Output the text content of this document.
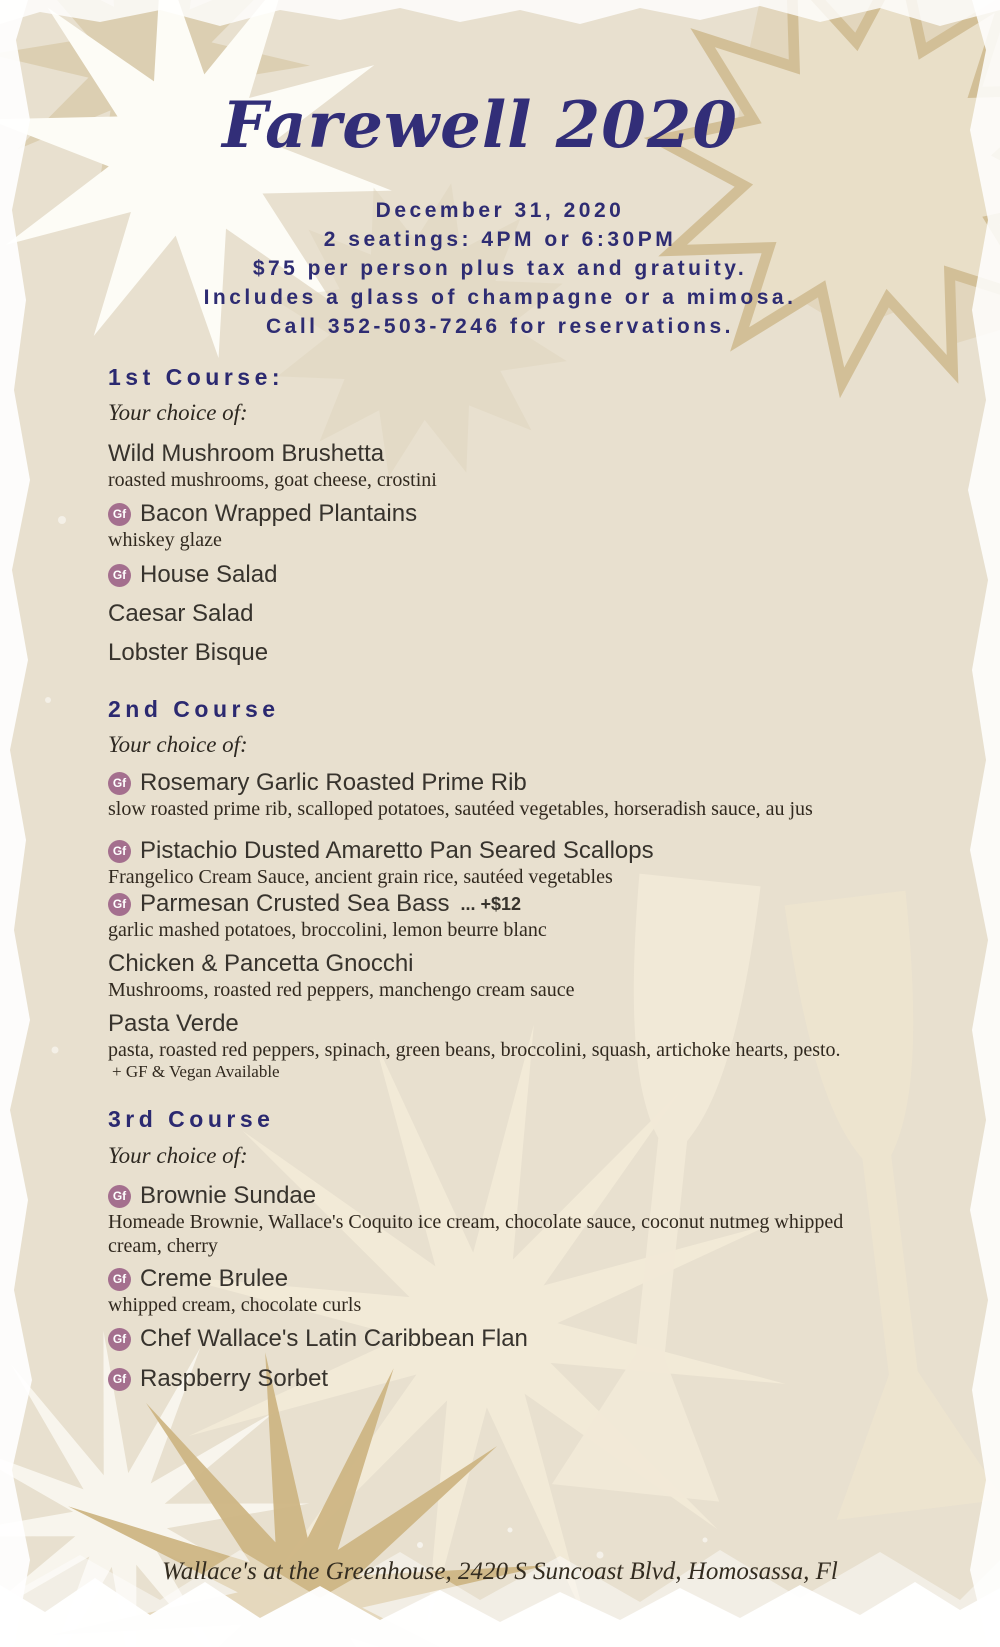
Farewell 2020
December 31, 2020
2 seatings: 4PM or 6:30PM
$75 per person plus tax and gratuity.
Includes a glass of champagne or a mimosa.
Call 352-503-7246 for reservations.
1st Course:
Your choice of:
Wild Mushroom Brushetta
roasted mushrooms, goat cheese, crostini
Gf Bacon Wrapped Plantains
whiskey glaze
Gf House Salad
Caesar Salad
Lobster Bisque
2nd Course
Your choice of:
Gf Rosemary Garlic Roasted Prime Rib
slow roasted prime rib, scalloped potatoes, sautéed vegetables, horseradish sauce, au jus
Gf Pistachio Dusted Amaretto Pan Seared Scallops
Frangelico Cream Sauce, ancient grain rice, sautéed vegetables
Gf Parmesan Crusted Sea Bass ... +$12
garlic mashed potatoes, broccolini, lemon beurre blanc
Chicken & Pancetta Gnocchi
Mushrooms, roasted red peppers, manchengo cream sauce
Pasta Verde
pasta, roasted red peppers, spinach, green beans, broccolini, squash, artichoke hearts, pesto.
+ GF & Vegan Available
3rd Course
Your choice of:
Gf Brownie Sundae
Homeade Brownie, Wallace's Coquito ice cream, chocolate sauce, coconut nutmeg whipped cream, cherry
Gf Creme Brulee
whipped cream, chocolate curls
Gf Chef Wallace's Latin Caribbean Flan
Gf Raspberry Sorbet
Wallace's at the Greenhouse, 2420 S Suncoast Blvd, Homosassa, Fl
